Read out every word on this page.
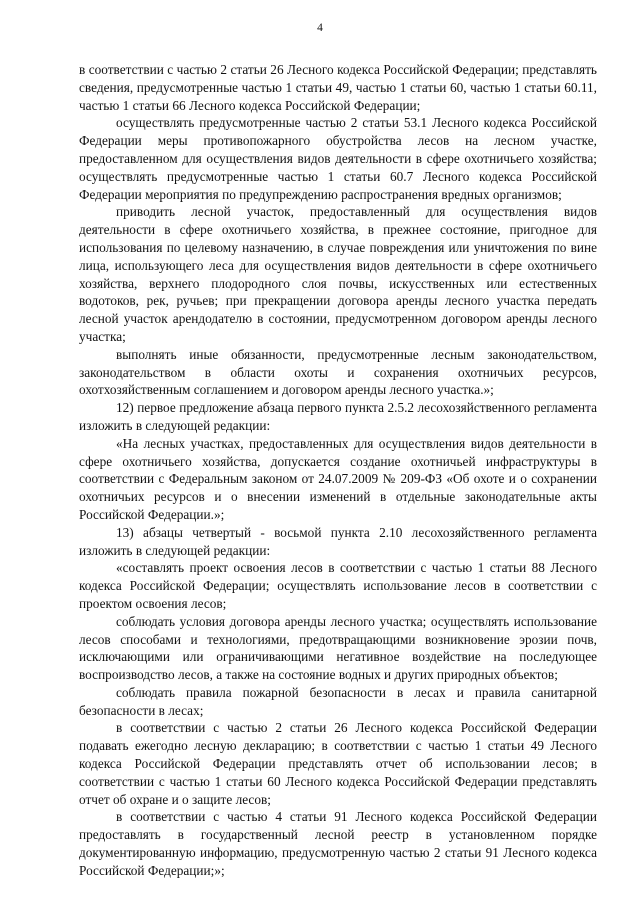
4

в соответствии с частью 2 статьи 26 Лесного кодекса Российской Федерации; представлять сведения, предусмотренные частью 1 статьи 49, частью 1 статьи 60, частью 1 статьи 60.11, частью 1 статьи 66 Лесного кодекса Российской Федерации;

осуществлять предусмотренные частью 2 статьи 53.1 Лесного кодекса Российской Федерации меры противопожарного обустройства лесов на лесном участке, предоставленном для осуществления видов деятельности в сфере охотничьего хозяйства; осуществлять предусмотренные частью 1 статьи 60.7 Лесного кодекса Российской Федерации мероприятия по предупреждению распространения вредных организмов;

приводить лесной участок, предоставленный для осуществления видов деятельности в сфере охотничьего хозяйства, в прежнее состояние, пригодное для использования по целевому назначению, в случае повреждения или уничтожения по вине лица, использующего леса для осуществления видов деятельности в сфере охотничьего хозяйства, верхнего плодородного слоя почвы, искусственных или естественных водотоков, рек, ручьев; при прекращении договора аренды лесного участка передать лесной участок арендодателю в состоянии, предусмотренном договором аренды лесного участка;

выполнять иные обязанности, предусмотренные лесным законодательством, законодательством в области охоты и сохранения охотничьих ресурсов, охотхозяйственным соглашением и договором аренды лесного участка.»;

12) первое предложение абзаца первого пункта 2.5.2 лесохозяйственного регламента изложить в следующей редакции:

«На лесных участках, предоставленных для осуществления видов деятельности в сфере охотничьего хозяйства, допускается создание охотничьей инфраструктуры в соответствии с Федеральным законом от 24.07.2009 № 209-ФЗ «Об охоте и о сохранении охотничьих ресурсов и о внесении изменений в отдельные законодательные акты Российской Федерации.»;

13) абзацы четвертый - восьмой пункта 2.10 лесохозяйственного регламента изложить в следующей редакции:

«составлять проект освоения лесов в соответствии с частью 1 статьи 88 Лесного кодекса Российской Федерации; осуществлять использование лесов в соответствии с проектом освоения лесов;

соблюдать условия договора аренды лесного участка; осуществлять использование лесов способами и технологиями, предотвращающими возникновение эрозии почв, исключающими или ограничивающими негативное воздействие на последующее воспроизводство лесов, а также на состояние водных и других природных объектов;

соблюдать правила пожарной безопасности в лесах и правила санитарной безопасности в лесах;

в соответствии с частью 2 статьи 26 Лесного кодекса Российской Федерации подавать ежегодно лесную декларацию; в соответствии с частью 1 статьи 49 Лесного кодекса Российской Федерации представлять отчет об использовании лесов; в соответствии с частью 1 статьи 60 Лесного кодекса Российской Федерации представлять отчет об охране и о защите лесов;

в соответствии с частью 4 статьи 91 Лесного кодекса Российской Федерации предоставлять в государственный лесной реестр в установленном порядке документированную информацию, предусмотренную частью 2 статьи 91 Лесного кодекса Российской Федерации;»;
